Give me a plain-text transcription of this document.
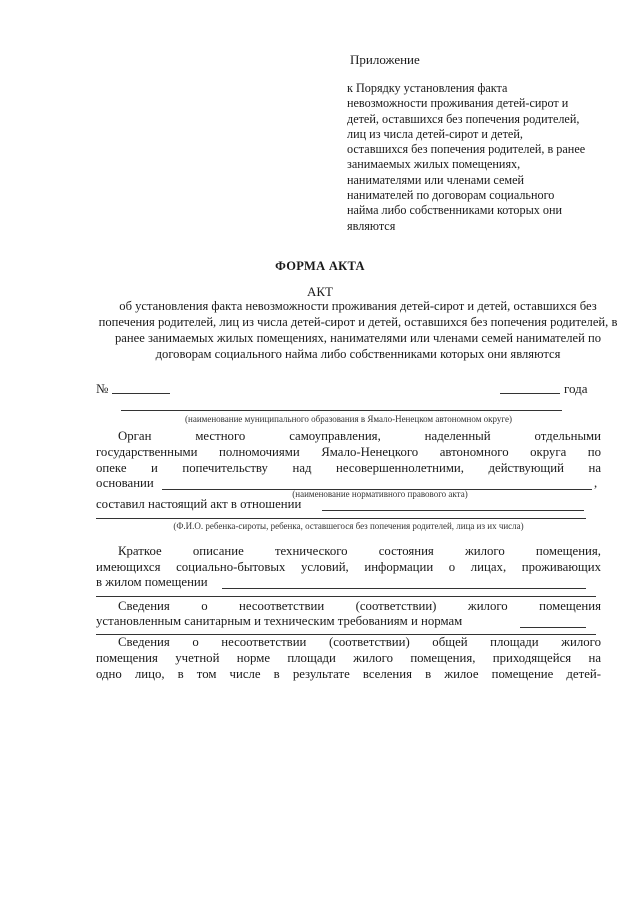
Приложение
к Порядку установления факта невозможности проживания детей-сирот и детей, оставшихся без попечения родителей, лиц из числа детей-сирот и детей, оставшихся без попечения родителей, в ранее занимаемых жилых помещениях, нанимателями или членами семей нанимателей по договорам социального найма либо собственниками которых они являются
ФОРМА АКТА
АКТ
об установления факта невозможности проживания детей-сирот и детей, оставшихся без попечения родителей, лиц из числа детей-сирот и детей, оставшихся без попечения родителей, в ранее занимаемых жилых помещениях, нанимателями или членами семей нанимателей по договорам социального найма либо собственниками которых они являются
№	года
(наименование муниципального образования в Ямало-Ненецком автономном округе)
Орган местного самоуправления, наделенный отдельными
государственными полномочиями Ямало-Ненецкого автономного округа по
опеке и попечительству над несовершеннолетними, действующий на
основании	,
(наименование нормативного правового акта)
составил настоящий акт в отношении
(Ф.И.О. ребенка-сироты, ребенка, оставшегося без попечения родителей, лица из их числа)
Краткое описание технического состояния жилого помещения,
имеющихся социально-бытовых условий, информации о лицах, проживающих
в жилом помещении
Сведения о несоответствии (соответствии) жилого помещения
установленным санитарным и техническим требованиям и нормам
Сведения о несоответствии (соответствии) общей площади жилого
помещения учетной норме площади жилого помещения, приходящейся на
одно лицо, в том числе в результате вселения в жилое помещение детей-
